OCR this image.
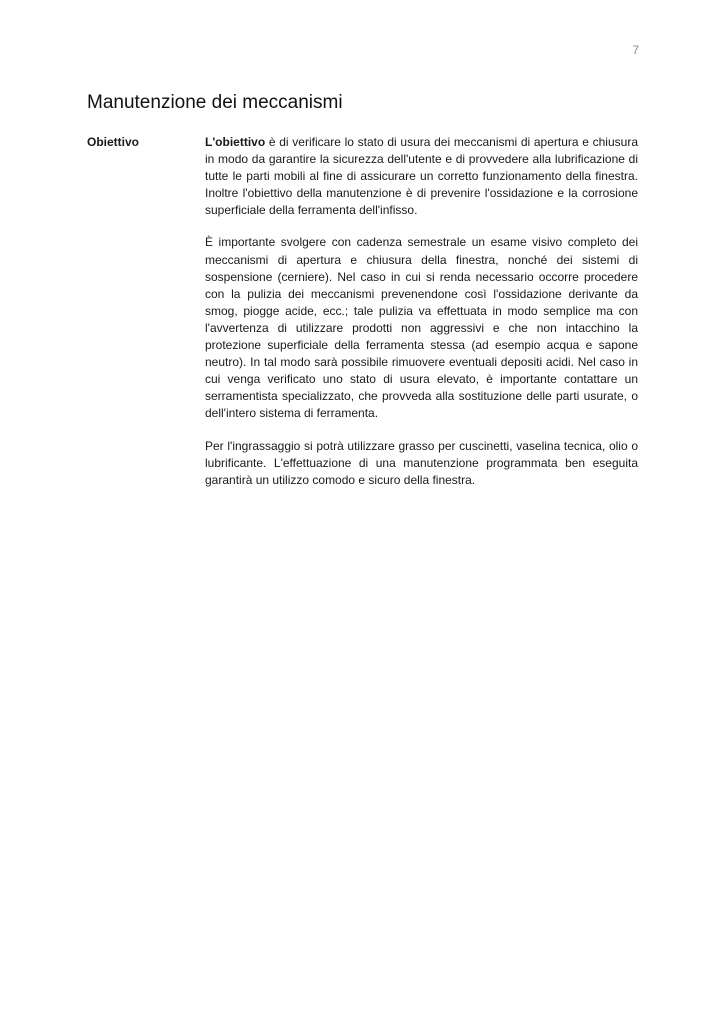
7
Manutenzione dei meccanismi
Obiettivo	L'obiettivo è di verificare lo stato di usura dei meccanismi di apertura e chiusura in modo da garantire la sicurezza dell'utente e di provvedere alla lubrificazione di tutte le parti mobili al fine di assicurare un corretto funzionamento della finestra. Inoltre l'obiettivo della manutenzione è di prevenire l'ossidazione e la corrosione superficiale della ferramenta dell'infisso.

È importante svolgere con cadenza semestrale un esame visivo completo dei meccanismi di apertura e chiusura della finestra, nonché dei sistemi di sospensione (cerniere). Nel caso in cui si renda necessario occorre procedere con la pulizia dei meccanismi prevenendone così l'ossidazione derivante da smog, piogge acide, ecc.; tale pulizia va effettuata in modo semplice ma con l'avvertenza di utilizzare prodotti non aggressivi e che non intacchino la protezione superficiale della ferramenta stessa (ad esempio acqua e sapone neutro). In tal modo sarà possibile rimuovere eventuali depositi acidi. Nel caso in cui venga verificato uno stato di usura elevato, è importante contattare un serramentista specializzato, che provveda alla sostituzione delle parti usurate, o dell'intero sistema di ferramenta.

Per l'ingrassaggio si potrà utilizzare grasso per cuscinetti, vaselina tecnica, olio o lubrificante. L'effettuazione di una manutenzione programmata ben eseguita garantirà un utilizzo comodo e sicuro della finestra.
